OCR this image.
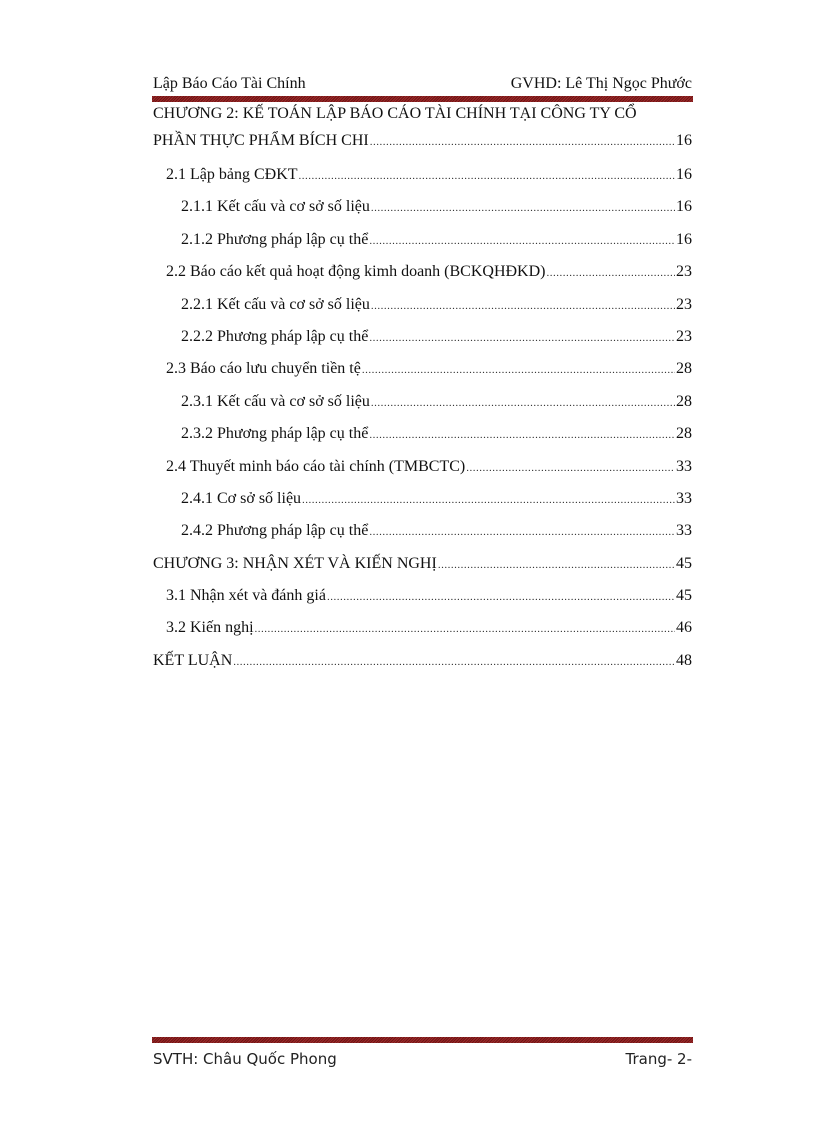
Lập Báo Cáo Tài Chính	GVHD: Lê Thị Ngọc Phước
CHƯƠNG 2: KẾ TOÁN LẬP BÁO CÁO TÀI CHÍNH TẠI CÔNG TY CỔ
PHẦN THỰC PHẨM BÍCH CHI .....	16
2.1 Lập bảng CĐKT .....	16
2.1.1 Kết cấu và cơ sở số liệu .....	16
2.1.2 Phương pháp lập cụ thể .....	16
2.2 Báo cáo kết quả hoạt động kimh doanh (BCKQHĐKD) .....	23
2.2.1 Kết cấu và cơ sở số liệu .....	23
2.2.2 Phương pháp lập cụ thể .....	23
2.3 Báo cáo lưu chuyển tiền tệ .....	28
2.3.1 Kết cấu và cơ sở số liệu .....	28
2.3.2 Phương pháp lập cụ thể .....	28
2.4 Thuyết minh báo cáo tài chính (TMBCTC) .....	33
2.4.1 Cơ sở số liệu .....	33
2.4.2 Phương pháp lập cụ thể .....	33
CHƯƠNG 3: NHẬN XÉT VÀ KIẾN NGHỊ .....	45
3.1 Nhận xét và đánh giá .....	45
3.2 Kiến nghị .....	46
KẾT LUẬN .....	48
SVTH: Châu Quốc Phong	Trang- 2-
